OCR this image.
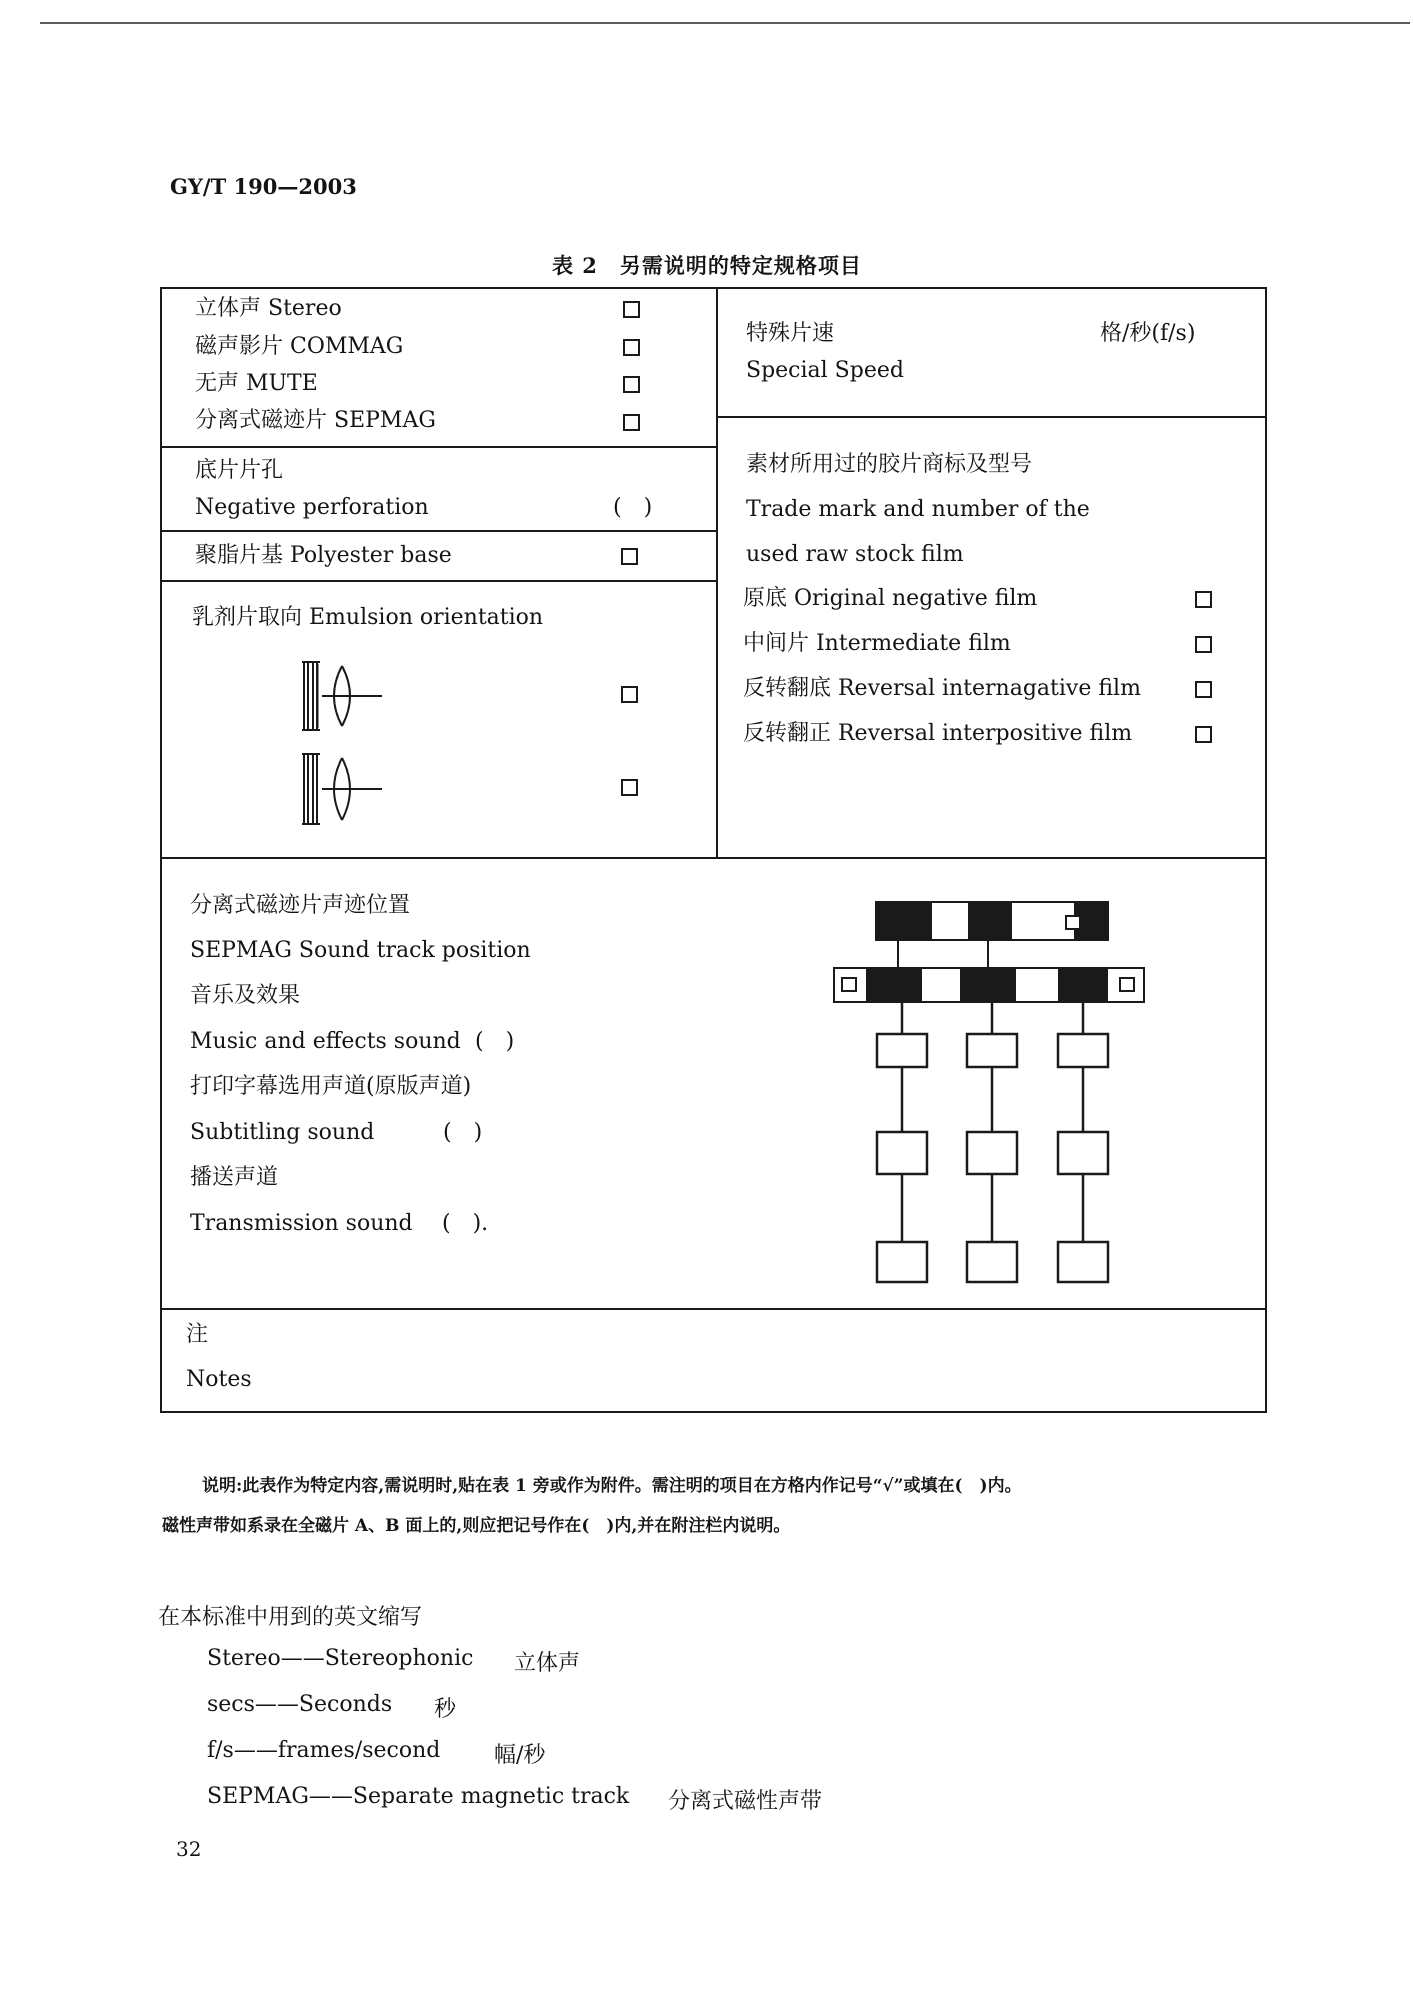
GY/T 190—2003
表 2　另需说明的特定规格项目
立体声 Stereo
磁声影片 COMMAG
无声 MUTE
分离式磁迹片 SEPMAG
特殊片速
Special Speed
格/秒(f/s)
底片片孔
Negative perforation	(　)
聚脂片基 Polyester base
乳剂片取向 Emulsion orientation
素材所用过的胶片商标及型号
Trade mark and number of the
used raw stock film
原底 Original negative film
中间片 Intermediate film
反转翻底 Reversal internagative film
反转翻正 Reversal interpositive film
分离式磁迹片声迹位置
SEPMAG Sound track position
音乐及效果
Music and effects sound (　)
打印字幕选用声道(原版声道)
Subtitling sound	(　)
播送声道
Transmission sound (　).
注
Notes
说明:此表作为特定内容,需说明时,贴在表 1 旁或作为附件。需注明的项目在方格内作记号“√”或填在(　)内。
磁性声带如系录在全磁片 A、B 面上的,则应把记号作在(　)内,并在附注栏内说明。
在本标准中用到的英文缩写
Stereo——Stereophonic 立体声
secs——Seconds 秒
f/s——frames/second 幅/秒
SEPMAG——Separate magnetic track 分离式磁性声带
32
